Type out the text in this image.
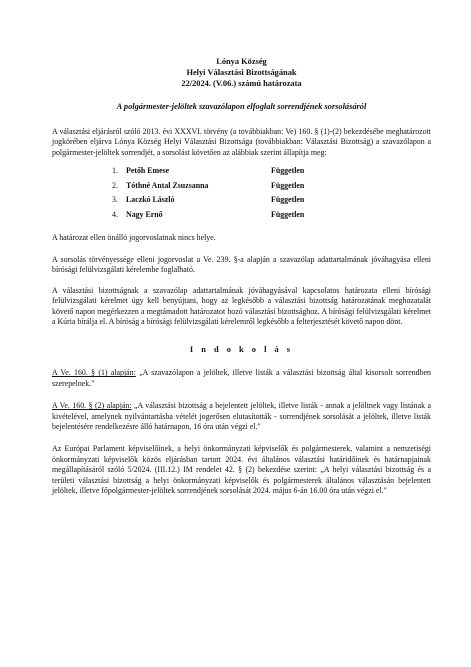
Lónya Község
Helyi Választási Bizottságának
22/2024. (V.06.) számú határozata
A polgármester-jelöltek szavazólapon elfoglalt sorrendjének sorsolásáról

A választási eljárásról szóló 2013. évi XXXVI. törvény (a továbbiakban: Ve) 160. § (1)-(2) bekezdésébe meghatározott jogkörében eljárva Lónya Község Helyi Választási Bizottsága (továbbiakban: Választási Bizottság) a szavazólapon a polgármester-jelöltek sorrendjét, a sorsolást követően az alábbiak szerint állapítja meg:

1.	Petőh Emese	Független
2.	Tóthné Antal Zsuzsanna	Független
3.	Laczkó László	Független
4.	Nagy Ernő	Független

A határozat ellen önálló jogorvoslatnak nincs helye.

A sorsolás törvényessége elleni jogorvoslat a Ve. 239. §-a alapján a szavazólap adattartalmának jóváhagyása elleni bírósági felülvizsgálati kérelembe foglalható.

A választási bizottságnak a szavazólap adattartalmának jóváhagyásával kapcsolatos határozata elleni bírósági felülvizsgálati kérelmet úgy kell benyújtani, hogy az legkésőbb a választási bizottság határozatának meghozatalát követő napon megérkezzen a megtámadott határozatot hozó választási bizottsághoz. A bírósági felülvizsgálati kérelmet a Kúria bírálja el. A bíróság a bírósági felülvizsgálati kérelemről legkésőbb a felterjesztését követő napon dönt.

I n d o k o l á s

A Ve. 160. § (1) alapján: „A szavazólapon a jelöltek, illetve listák a választási bizottság által kisorsolt sorrendben szerepelnek."

A Ve. 160. § (2) alapján: „A választási bizottság a bejelentett jelöltek, illetve listák - annak a jelöltnek vagy listának a kivételével, amelynek nyilvántartásba vételét jogerősen elutasították - sorrendjének sorsolását a jelöltek, illetve listák bejelentésére rendelkezésre álló határnapon, 16 óra után végzi el."

Az Európai Parlament képviselőinek, a helyi önkormányzati képviselők és polgármesterek, valamint a nemzetiségi önkormányzati képviselők közös eljárásban tartott 2024. évi általános választási határidőinek és határnapjainak megállapításáról szóló 5/2024. (III.12.) IM rendelet 42. § (2) bekezdése szerint: „A helyi választási bizottság és a területi választási bizottság a helyi önkormányzati képviselők és polgármesterek általános választásán bejelentett jelöltek, illetve főpolgármester-jelöltek sorrendjének sorsolását 2024. május 6-án 16.00 óra után végzi el."
